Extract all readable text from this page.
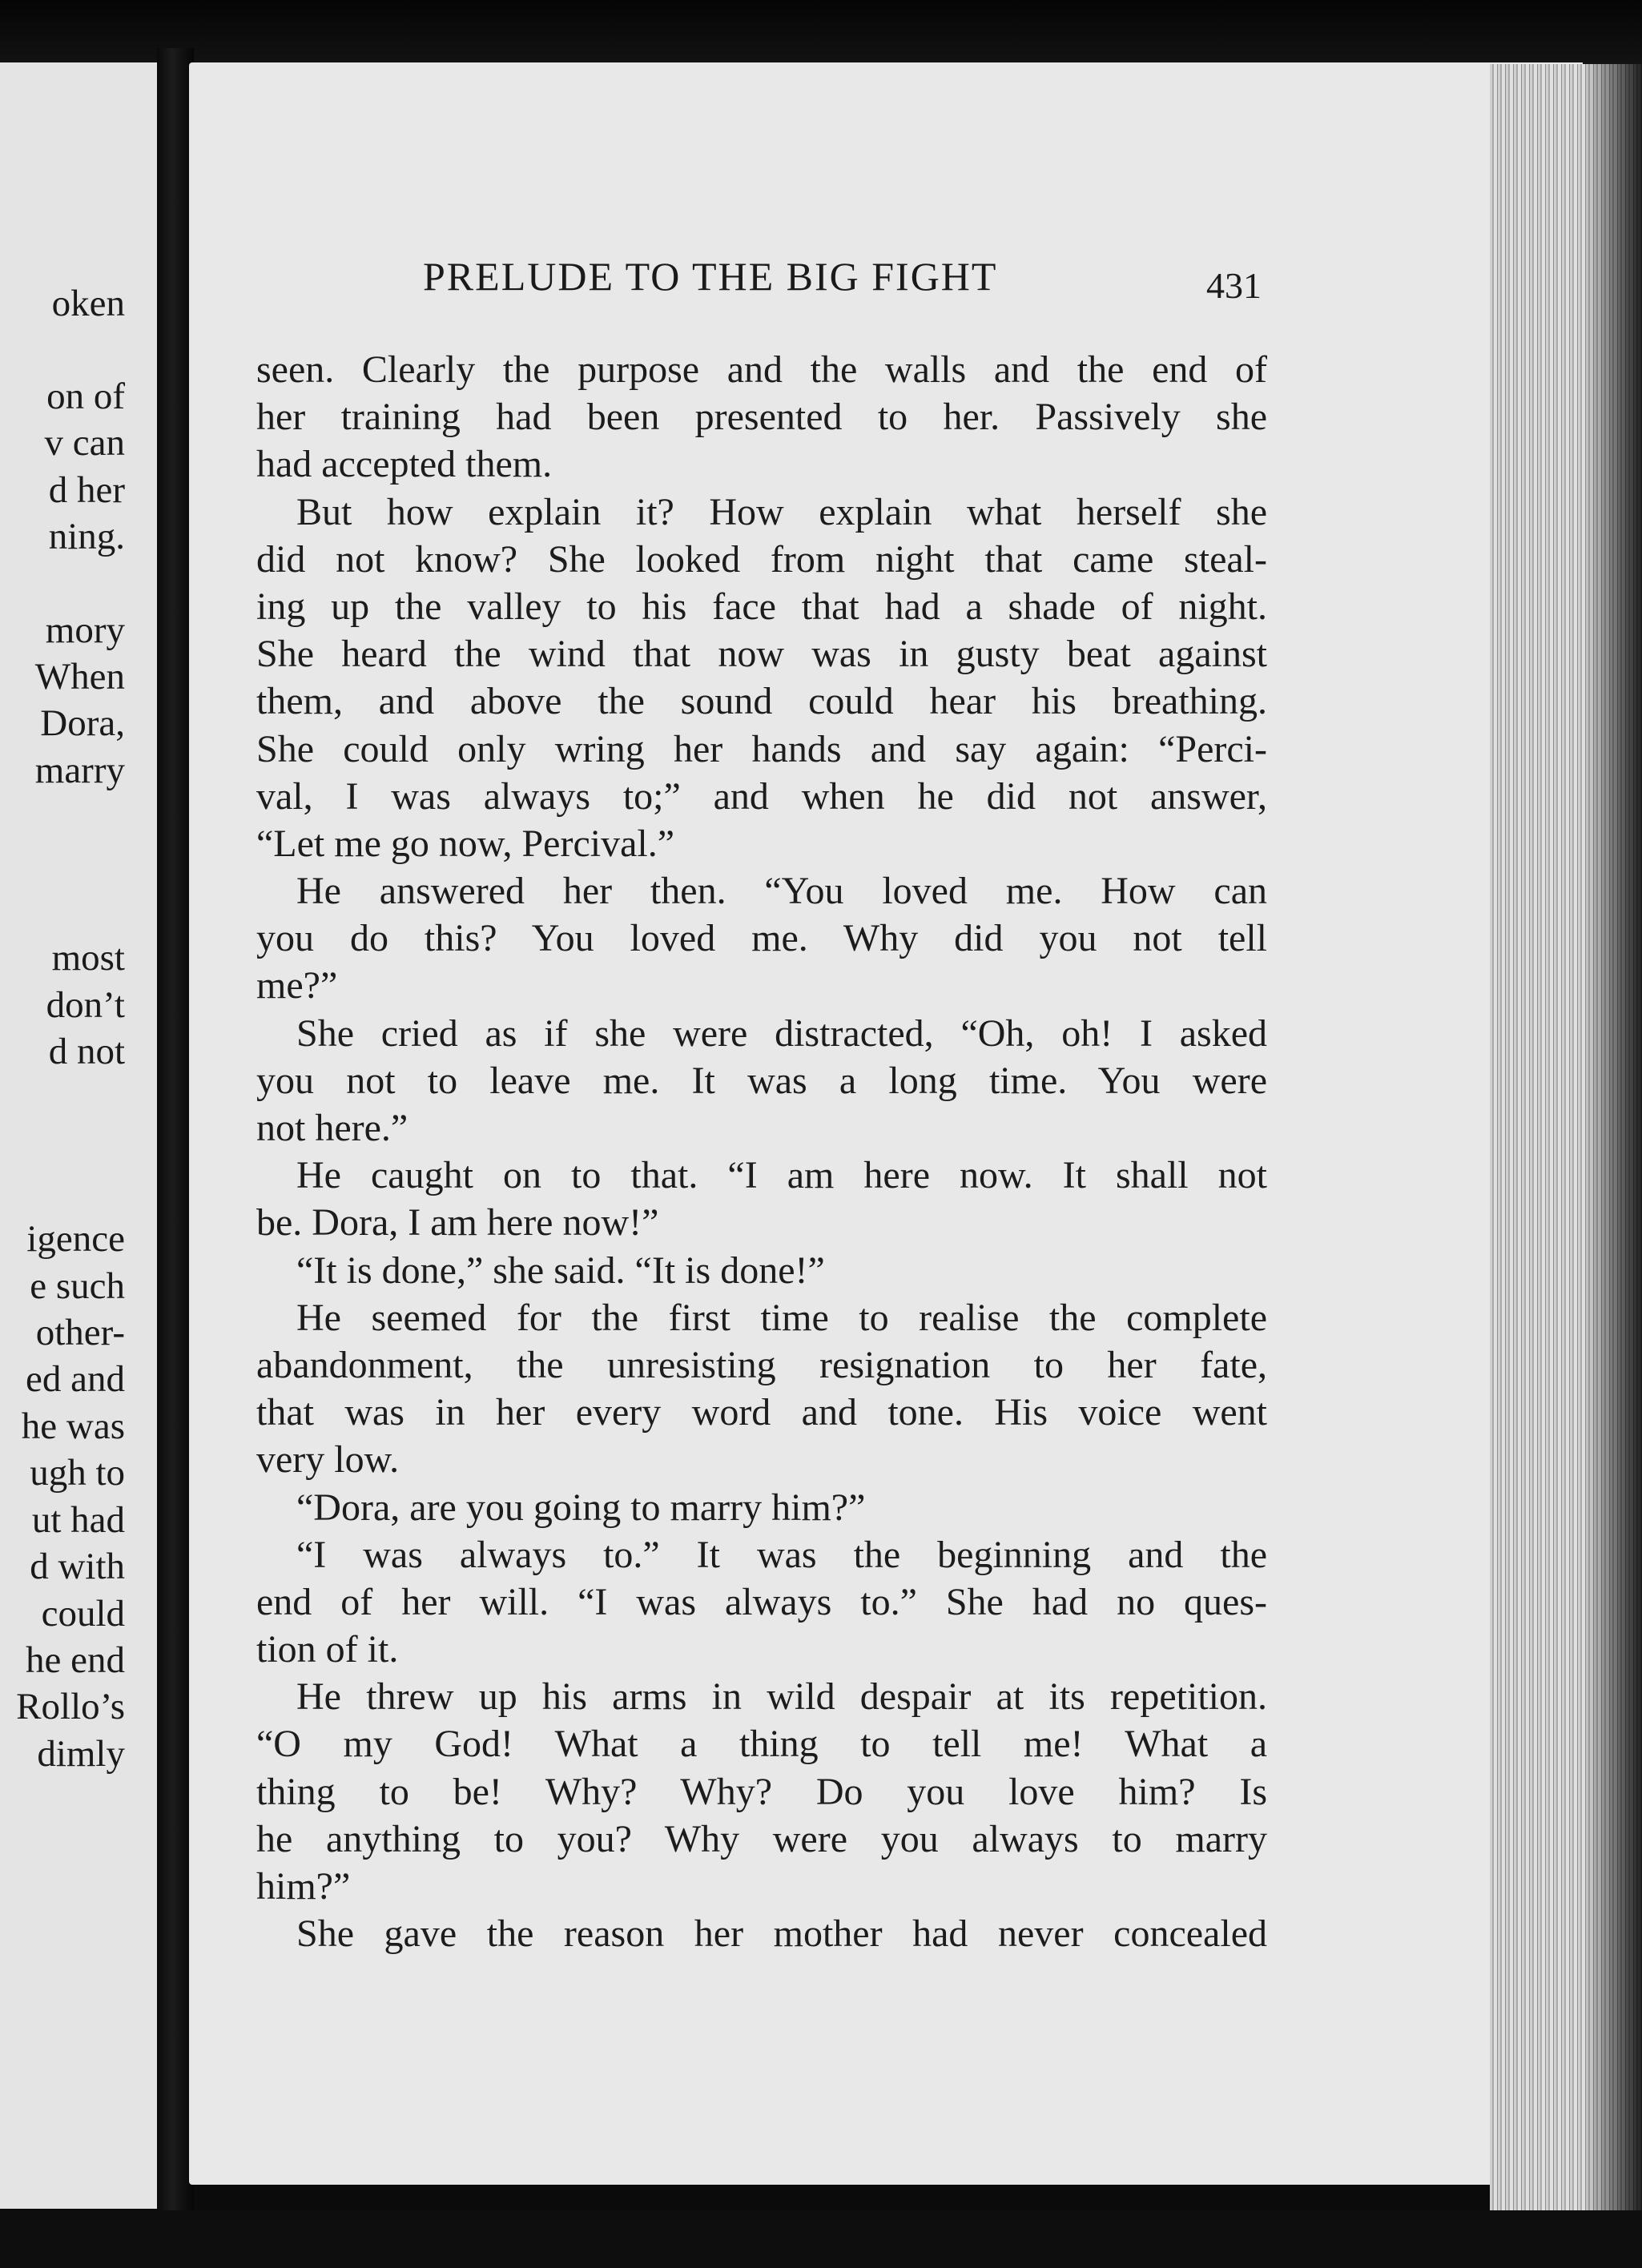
oken
on of
v can
d her
ning.
mory
When
Dora,
marry
most
don’t
d not
igence
e such
other-
ed and
he was
ugh to
ut had
d with
could
he end
Rollo’s
dimly
PRELUDE TO THE BIG FIGHT	431
seen. Clearly the purpose and the walls and the end of
her training had been presented to her. Passively she
had accepted them.
But how explain it? How explain what herself she
did not know? She looked from night that came steal-
ing up the valley to his face that had a shade of night.
She heard the wind that now was in gusty beat against
them, and above the sound could hear his breathing.
She could only wring her hands and say again: “Perci-
val, I was always to;” and when he did not answer,
“Let me go now, Percival.”
He answered her then. “You loved me. How can
you do this? You loved me. Why did you not tell
me?”
She cried as if she were distracted, “Oh, oh! I asked
you not to leave me. It was a long time. You were
not here.”
He caught on to that. “I am here now. It shall not
be. Dora, I am here now!”
“It is done,” she said. “It is done!”
He seemed for the first time to realise the complete
abandonment, the unresisting resignation to her fate,
that was in her every word and tone. His voice went
very low.
“Dora, are you going to marry him?”
“I was always to.” It was the beginning and the
end of her will. “I was always to.” She had no ques-
tion of it.
He threw up his arms in wild despair at its repetition.
“O my God! What a thing to tell me! What a
thing to be! Why? Why? Do you love him? Is
he anything to you? Why were you always to marry
him?”
She gave the reason her mother had never concealed
